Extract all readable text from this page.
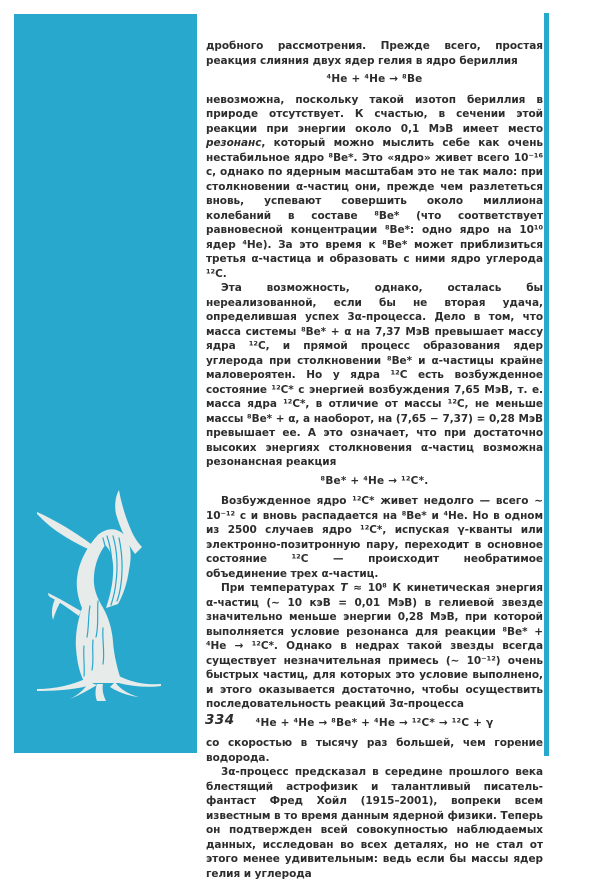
дробного рассмотрения. Прежде всего, простая реакция слияния двух ядер гелия в ядро бериллия

⁴He + ⁴He → ⁸Be

невозможна, поскольку такой изотоп бериллия в природе отсутствует. К счастью, в сечении этой реакции при энергии около 0,1 МэВ имеет место резонанс, который можно мыслить себе как очень нестабильное ядро ⁸Be*. Это «ядро» живет всего 10⁻¹⁶ с, однако по ядерным масштабам это не так мало: при столкновении α-частиц они, прежде чем разлететься вновь, успевают совершить около миллиона колебаний в составе ⁸Be* (что соответствует равновесной концентрации ⁸Be*: одно ядро на 10¹⁰ ядер ⁴He). За это время к ⁸Be* может приблизиться третья α-частица и образовать с ними ядро углерода ¹²C.

Эта возможность, однако, осталась бы нереализованной, если бы не вторая удача, определившая успех 3α-процесса. Дело в том, что масса системы ⁸Be* + α на 7,37 МэВ превышает массу ядра ¹²C, и прямой процесс образования ядер углерода при столкновении ⁸Be* и α-частицы крайне маловероятен. Но у ядра ¹²C есть возбужденное состояние ¹²C* с энергией возбуждения 7,65 МэВ, т. е. масса ядра ¹²C*, в отличие от массы ¹²C, не меньше массы ⁸Be* + α, а наоборот, на (7,65 − 7,37) = 0,28 МэВ превышает ее. А это означает, что при достаточно высоких энергиях столкновения α-частиц возможна резонансная реакция

⁸Be* + ⁴He → ¹²C*.

Возбужденное ядро ¹²C* живет недолго — всего ∼ 10⁻¹² с и вновь распадается на ⁸Be* и ⁴He. Но в одном из 2500 случаев ядро ¹²C*, испуская γ-кванты или электронно-позитронную пару, переходит в основное состояние ¹²C — происходит необратимое объединение трех α-частиц.

При температурах T ≈ 10⁸ К кинетическая энергия α-частиц (∼ 10 кэВ = 0,01 МэВ) в гелиевой звезде значительно меньше энергии 0,28 МэВ, при которой выполняется условие резонанса для реакции ⁸Be* + ⁴He → ¹²C*. Однако в недрах такой звезды всегда существует незначительная примесь (∼ 10⁻¹²) очень быстрых частиц, для которых это условие выполнено, и этого оказывается достаточно, чтобы осуществить последовательность реакций 3α-процесса

⁴He + ⁴He → ⁸Be* + ⁴He → ¹²C* → ¹²C + γ

со скоростью в тысячу раз большей, чем горение водорода.

3α-процесс предсказал в середине прошлого века блестящий астрофизик и талантливый писатель-фантаст Фред Хойл (1915–2001), вопреки всем известным в то время данным ядерной физики. Теперь он подтвержден всей совокупностью наблюдаемых данных, исследован во всех деталях, но не стал от этого менее удивительным: ведь если бы массы ядер гелия и углерода

334
